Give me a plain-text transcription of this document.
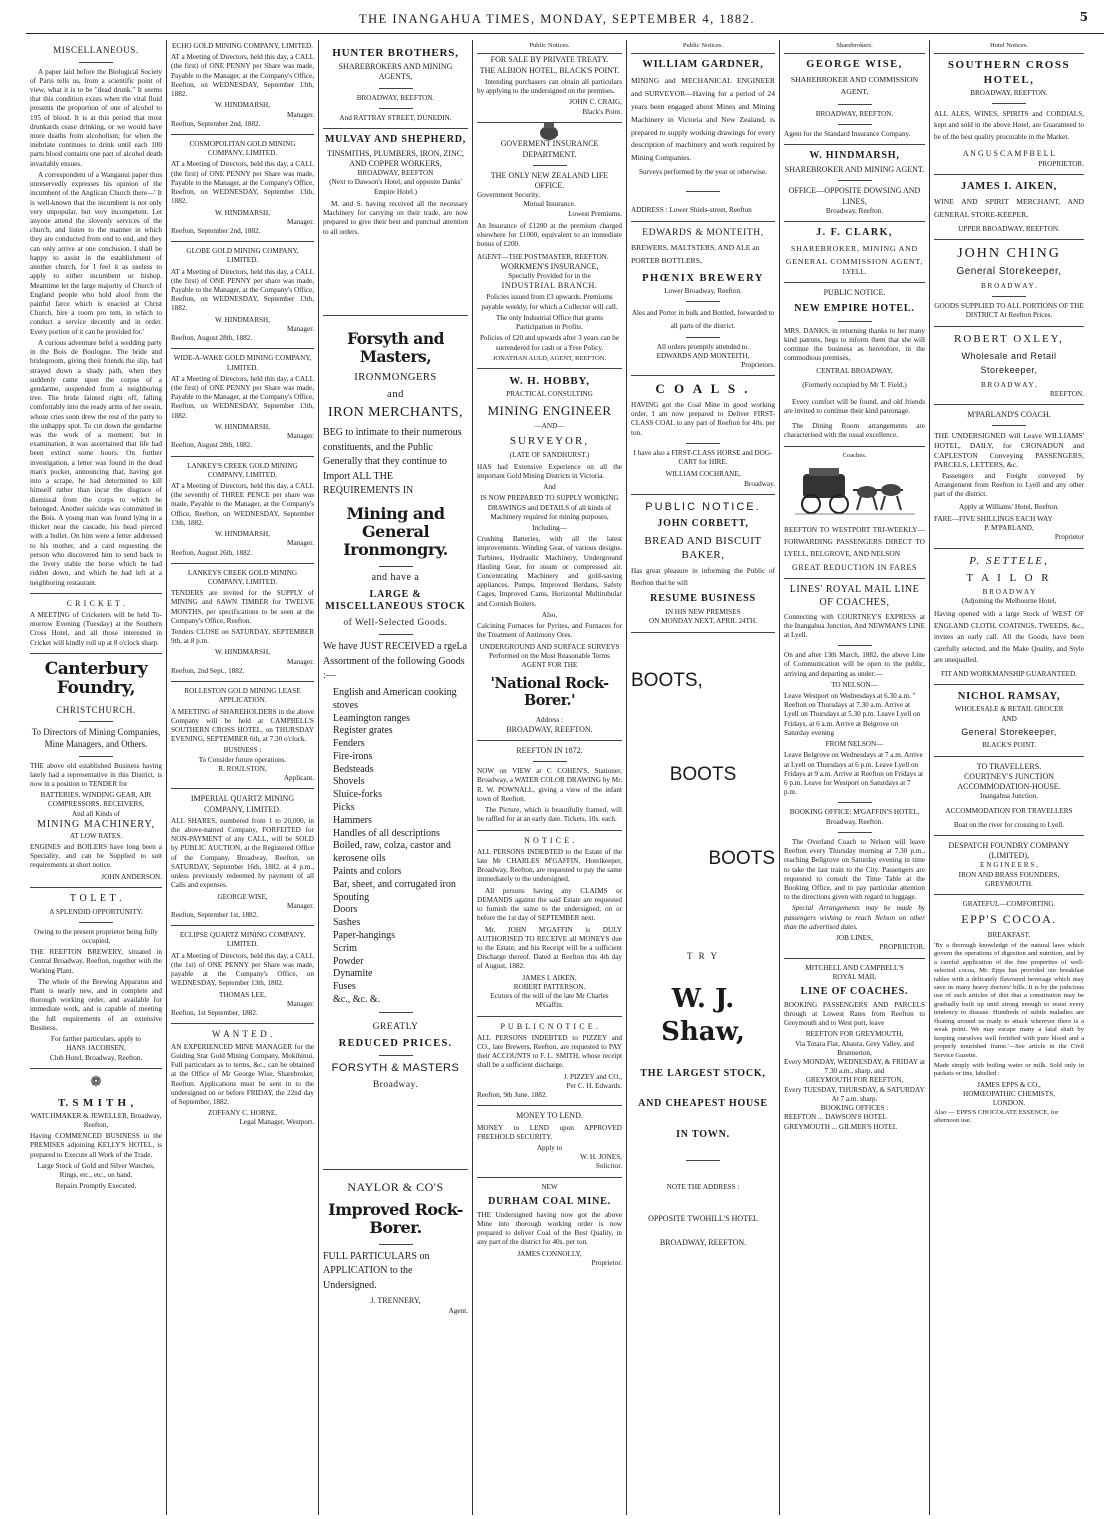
THE INANGAHUA TIMES, MONDAY, SEPTEMBER 4, 1882.	5
MISCELLANEOUS.

A paper laid before the Biological Society of Paris tells us, from a scientific point of view, what it is to be "dead drunk." It seems that this condition exists when the vital fluid presents the proportion of one of alcohol to 195 of blood. It is at this period that most drunkards cease drinking, or we would have more deaths from alcoholism; for when the inebriate continues to drink until each 100 parts blood contains one part of alcohol death invariably ensues.

A correspondent of a Wanganui paper thus unreservedly expresses his opinion of the incumbent of the Anglican Church there—' It is well-known that the incumbent is not only very unpopular, but very incompetent. Let anyone attend the slovenly services of the church, and listen to the manner in which they are conducted from end to end, and they can only arrive at one conclusion. I shall be happy to assist in the establishment of another church, for I feel it as useless to apply to either incumbent or bishop. Meantime let the large majority of Church of England people who hold aloof from the painful farce which is enacted at Christ Church, hire a room pro tem, in which to conduct a service decently and in order. Every portion of it can be provided for.'

A curious adventure befel a wedding party in the Bois de Boulogne. The bride and bridegroom, giving their friends the slip, had strayed down a shady path, when they suddenly came upon the corpse of a gendarme, suspended from a neighboring tree. The bride fainted right off, falling comfortably into the ready arms of her swain, whose cries soon drew the rest of the party to the unhappy spot. To cut down the gendarme was the work of a moment; but in examination, it was ascertained that life had been extinct some hours. On further investigation, a letter was found in the dead man's pocket, announcing that, having got into a scrape, he had determined to kill himself rather than incur the disgrace of dismissal from the corps to which he belonged. Another suicide was committed in the Bois. A young man was found lying in a thicket near the cascade, his head pierced with a bullet. On him were a letter addressed to his mother, and a card requesting the person who discovered him to send back to the livery stable the horse which he had ridden down, and which he had left at a neighboring restaurant.

C R I C K E T .

A MEETING of Cricketers will be held To-morrow Evening (Tuesday) at the Southern Cross Hotel, and all those interested in Cricket will kindly roll up at 8 o'clock sharp.

Canterbury Foundry,
CHRISTCHURCH.
To Directors of Mining Companies, Mine Managers, and Others.

THE above old established Business having lately had a representative in this District, is now in a position to TENDER for

BATTERIES, WINDING GEAR, AIR COMPRESSORS, RECEIVERS,
And all Kinds of
MINING MACHINERY,
AT LOW RATES.

ENGINES and BOILERS have long been a Speciality, and can be Supplied to suit requirements at short notice.

JOHN ANDERSON.
T O L E T .
A SPLENDID OPPORTUNITY.

Owing to the present proprietor being fully occupied,

THE REEFTON BREWERY, situated in Central Broadway, Reefton, together with the Working Plant.

The whole of the Brewing Apparatus and Plant is nearly new, and in complete and thorough working order, and available for immediate work, and is capable of meeting the full requirements of an extensive Business.

For farther particulars, apply to
HANS JACOBSEN,
Club Hotel, Broadway, Reefton.
❁
T. S M I T H ,
WATCHMAKER & JEWELLER, Broadway, Reefton,

Having COMMENCED BUSINESS in the PREMISES adjoining KELLY'S HOTEL, is prepared to Execute all Work of the Trade.

Large Stock of Gold and Silver Watches, Rings, etc., etc., on hand.

Repairs Promptly Executed.
ECHO GOLD MINING COMPANY, LIMITED.

AT a Meeting of Directors, held this day, a CALL (the first) of ONE PENNY per Share was made, Payable to the Manager, at the Company's Office, Reefton, on WEDNESDAY, September 13th, 1882.

W. HINDMARSH,
Manager.
Reefton, September 2nd, 1882.
COSMOPOLITAN GOLD MINING COMPANY, LIMITED.

AT a Meeting of Directors, held this day, a CALL (the first) of ONE PENNY per Share was made, Payable to the Manager, at the Company's Office, Reefton, on WEDNESDAY, September 13th, 1882.

W. HINDMARSH,
Manager.
Reefton, September 2nd, 1882.
GLOBE GOLD MINING COMPANY, LIMITED.

AT a Meeting of Directors, held this day, a CALL (the first) of ONE PENNY per share was made, Payable to the Manager, at the Company's Office, Reefton, on WEDNESDAY, September 13th, 1882.

W. HINDMARSH,
Manager.
Reefton, August 28th, 1882.
WIDE-A-WAKE GOLD MINING COMPANY, LIMITED.

AT a Meeting of Directors, held this day, a CALL (the first) of ONE PENNY per Share was made, Payable to the Manager, at the Company's Office, Reefton, on WEDNESDAY, September 13th, 1882.

W. HINDMARSH,
Manager.
Reefton, August 28th, 1882.
LANKEY'S CREEK GOLD MINING COMPANY, LIMITED.

AT a Meeting of Directors, held this day, a CALL (the seventh) of THREE PENCE per share was made, Payable to the Manager, at the Company's Office, Reefton, on WEDNESDAY, September 13th, 1882.

W. HINDMARSH,
Manager.
Reefton, August 26th, 1882.
LANKEYS CREEK GOLD MINING COMPANY, LIMITED.

TENDERS are invited for the SUPPLY of MINING and SAWN TIMBER for TWELVE MONTHS, per specifications to be seen at the Company's Office, Reefton.

Tenders CLOSE on SATURDAY, SEPTEMBER 9th, at 8 p.m.

W. HINDMARSH,
Manager.
Reefton, 2nd Sept., 1882.
ROLLESTON GOLD MINING LEASE APPLICATION.

A MEETING of SHAREHOLDERS in the above Company will be held at CAMPBELL'S SOUTHERN CROSS HOTEL, on THURSDAY EVENING, SEPTEMBER 6th, at 7.30 o'clock.

BUSINESS :
To Consider future operations.
R. ROULSTON,
Applicant.
IMPERIAL QUARTZ MINING COMPANY, LIMITED.

ALL SHARES, numbered from 1 to 20,000, in the above-named Company, FORFEITED for NON-PAYMENT of any CALL, will be SOLD by PUBLIC AUCTION, at the Registered Office of the Company, Broadway, Reefton, on SATURDAY, September 16th, 1882, at 4 p.m., unless previously redeemed by payment of all Calls and expenses.

GEORGE WISE,
Manager.
Reefton, September 1st, 1882.
ECLIPSE QUARTZ MINING COMPANY, LIMITED.

AT a Meeting of Directors, held this day, a CALL (the 1st) of ONE PENNY per Share was made, payable at the Company's Office, on WEDNESDAY, September 13th, 1882.

THOMAS LEE,
Manager.
Reefton, 1st September, 1882.
W A N T E D .

AN EXPERIENCED MINE MANAGER for the Guiding Star Gold Mining Company, Mokihinui. Full particulars as to terms, &c., can be obtained at the Office of Mr George Wise, Sharebroker, Reefton. Applications must be sent in to the undersigned on or before FRIDAY, the 22nd day of September, 1882.

ZOFFANY C. HORNE,
Legal Manager, Westport.
HUNTER BROTHERS,
SHAREBROKERS AND MINING AGENTS,
BROADWAY, REEFTON.
And RATTRAY STREET, DUNEDIN.
MULVAY AND SHEPHERD,
TINSMITHS, PLUMBERS, IRON, ZINC, AND COPPER WORKERS,
BROADWAY, REEFTON
(Next to Dawson's Hotel, and opposite Danks' Empire Hotel.)

M. and S. having received all the necessary Machinery for carrying on their trade, are now prepared to give their best and punctual attention to all orders.

Forsyth and Masters,
IRONMONGERS
and
IRON MERCHANTS,

BEG to intimate to their numerous constituents, and the Public Generally that they continue to Import ALL THE REQUIREMENTS IN

Mining and General Ironmongry.
and have a
LARGE & MISCELLANEOUS STOCK
of Well-Selected Goods.

We have JUST RECEIVED a rgeLa Assortment of the following Goods :—

English and American cooking stoves
Leamington ranges
Register grates
Fenders
Fire-irons
Bedsteads
Shovels
Sluice-forks
Picks
Hammers
Handles of all descriptions
Boiled, raw, colza, castor and kerosene oils
Paints and colors
Bar, sheet, and corrugated iron
Spouting
Doors
Sashes
Paper-hangings
Scrim
Powder
Dynamite
Fuses
&c., &c. &.
GREATLY
REDUCED PRICES.
FORSYTH & MASTERS
Broadway.
NAYLOR & CO'S
Improved Rock-Borer.

FULL PARTICULARS on APPLICATION to the Undersigned.

J. TRENNERY,
Agent.
Public Notices.
FOR SALE BY PRIVATE TREATY.
THE ALBION HOTEL, BLACK'S POINT.

Intending purchasers can obtain all particulars by applying to the undersigned on the premises.

JOHN C. CRAIG,
Black's Point.
GOVERMENT INSURANCE DEPARTMENT.
THE ONLY NEW ZEALAND LIFE OFFICE.
Government Security.
Mutual Insurance.
Lowest Premiums.

An Insurance of £1200 at the premium charged elsewhere for £1000, equivalent to an immediate bonus of £200.

AGENT—THE POSTMASTER, REEFTON.
WORKMEN'S INSURANCE,
Specially Provided for in the
INDUSTRIAL BRANCH.

Policies issued from £3 upwards. Premiums payable weekly, for which a Collector will call.

The only Industrial Office that grants Participation in Profits.

Policies of £20 and upwards after 3 years can be surrendered for cash or a Free Policy.

JONATHAN AULD, AGENT, REEFTON.
W. H. HOBBY,
PRACTICAL CONSULTING
MINING ENGINEER
—AND—
SURVEYOR,
(LATE OF SANDHURST.)

HAS had Extensive Experience on all the important Gold Mining Districts in Victoria.

And

IS NOW PREPARED TO SUPPLY WORKING DRAWINGS and DETAILS of all kinds of Machinery required for mining purposes,

Including—

Crushing Batteries, with all the latest improvements. Winding Gear, of various designs. Turbines, Hydraulic Machinery, Underground Hauling Gear, for steam or compressed air. Concentrating Machinery and gold-saving appliances. Pumps, Improved Berdans, Safety Cages, Improved Cams, Horizontal Multitubular and Cornish Boilers.

Also,

Calcining Furnaces for Pyrites, and Furnaces for the Treatment of Antimony Ores.

UNDERGROUND AND SURFACE SURVEYS
Performed on the Most Reasonable Terms
AGENT FOR THE
'National Rock-Borer.'
Address :
BROADWAY, REEFTON.
REEFTON IN 1872.

NOW on VIEW at C COHEN'S, Stationer, Broadway, a WATER COLOR DRAWING by Mr. R. W. POWNALL, giving a view of the infant town of Reefton.

The Picture, which is beautifully framed, will be raffled for at an early date. Tickets, 10s. each.

N O T I C E .

ALL PERSONS INDEBTED to the Estate of the late Mr CHARLES M'GAFFIN, Hotelkeeper, Broadway, Reefton, are requested to pay the same immediately to the undersigned.

All persons having any CLAIMS or DEMANDS against the said Estate are requested to furnish the same to the undersigned, on or before the 1st day of SEPTEMBER next.

Mr. JOHN M'GAFFIN is DULY AUTHORISED TO RECEIVE all MONEYS due to the Estate, and his Receipt will be a sufficient Discharge thereof. Dated at Reefton this 4th day of August, 1882.

JAMES I. AIKEN,
ROBERT PATTERSON.
Ecutors of the will of the late Mr Charles M'Gaffin.
P U B L I C N O T I C E .

ALL PERSONS INDEBTED to PIZZEY and CO., late Brewers, Reefton, are requested to PAY their ACCOUNTS to F. L. SMITH, whose receipt shall be a sufficient discharge.

J. PIZZEY and CO.,
Per C. H. Edwards.
Reefton, 9th June. 1882.
MONEY TO LEND.

MONEY to LEND upon APPROVED FREEHOLD SECURITY.

Apply to
W. H. JONES,
Solicitor.
NEW
DURHAM COAL MINE.

THE Undersigned having now got the above Mine into thorough working order is now prepared to deliver Coal of the Best Quality, in any part of the district for 40s. per ton.

JAMES CONNOLLY,
Proprietor.
Public Notices.
WILLIAM GARDNER,

MINING and MECHANICAL ENGINEER and SURVEYOR—Having for a period of 24 years been engaged about Mines and Mining Machinery in Victoria and New Zealand, is prepared to supply working drawings for every description of machinery and work required by Mining Companies.

Surveys performed by the year or otherwise.

ADDRESS : Lower Shiels-street, Reefton
EDWARDS & MONTEITH,

BREWERS, MALTSTERS, AND ALE an PORTER BOTTLERS,

PHŒNIX BREWERY
Lower Broadway, Reefton.

Ales and Porter in bulk and Bottled, forwarded to all parts of the district.

All orders promptly attended to.
EDWARDS AND MONTEITH,
Proprietors.
C O A L S .

HAVING got the Coal Mine in good working order, I am now prepared to Deliver FIRST-CLASS COAL to any part of Reefton for 40s. per ton.

I have also a FIRST-CLASS HORSE and DOG-CART for HIRE.

WILLIAM COCHRANE,
Broadway.
PUBLIC NOTICE.
JOHN CORBETT,
BREAD AND BISCUIT BAKER,

Has great pleasure in informing the Public of Reefton that he will

RESUME BUSINESS
IN HIS NEW PREMISES
ON MONDAY NEXT, APRIL 24TH.
BOOTS,
BOOTS
BOOTS
T R Y
W. J. Shaw,
THE LARGEST STOCK,
AND CHEAPEST HOUSE
IN TOWN.
NOTE THE ADDRESS :
OPPOSITE TWOHILL'S HOTEL
BROADWAY, REEFTON.
Sharebrokers.
GEORGE WISE,
SHAREBROKER AND COMMISSION AGENT,
BROADWAY, REEFTON.

Agent for the Standard Insurance Company.

W. HINDMARSH,
SHAREBROKER AND MINING AGENT.
OFFICE—OPPOSITE DOWSING AND LINES,
Broadway, Reefton.
J. F. CLARK,
SHAREBROKER, MINING AND GENERAL COMMISSION AGENT,
LYELL.
PUBLIC NOTICE.
NEW EMPIRE HOTEL.

MRS. DANKS, in returning thanks to her many kind patrons, begs to inform them that she will continue the business as heretofore, in the commodious premises,

CENTRAL BROADWAY,
(Formerly occupied by Mr T. Field.)

Every comfort will be found, and old friends are invited to continue their kind patronage.

The Dining Room arrangements are characterised with the usual excellence.

Coaches.

REEFTON TO WESTPORT TRI-WEEKLY—FORWARDING PASSENGERS DIRECT TO LYELL, BELGROVE, AND NELSON

GREAT REDUCTION IN FARES
LINES' ROYAL MAIL LINE OF COACHES,

Connecting with COURTNEY'S EXPRESS at the Inangahua Junction, And NEWMAN'S LINE at Lyell.

On and after 13th March, 1882, the above Line of Communication will be open to the public, arriving and departing as under:—

TO NELSON—

Leave Westport on Wednesdays at 6.30 a.m. " Reefton on Thursdays at 7.30 a.m. Arrive at Lyell on Thursdays at 5.30 p.m. Leave Lyell on Fridays, at 6 a.m. Arrive at Belgrove on Saturday evening

FROM NELSON—

Leave Belgrove on Wednesdays at 7 a.m. Arrive at Lyell on Thursdays at 6 p.m. Leave Lyell on Fridays at 9 a.m. Arrive at Reefton on Fridays at 6 p.m. Leave for Westport on Saturdays at 7 p.m.

BOOKING OFFICE: M'GAFFIN'S HOTEL, Broadway, Reefton.

The Overland Coach to Nelson will leave Reefton every Thursday morning at 7.30 p.m., reaching Bellgrove on Saturday evening in time to take the last train to the City. Passengers are requested to consult the Time Table at the Booking Office, and to pay particular attention to the directions given with regard to luggage.

Special Arrangements may be made by passengers wishing to reach Nelson on other than the advertised dates.

JOB LINES,
PROPRIETOR.
MITCHELL AND CAMPBELL'S
ROYAL MAIL
LINE OF COACHES.

BOOKING PASSENGERS AND PARCELS through at Lowest Rates from Reefton to Greymouth and to West port, leave

REEFTON FOR GREYMOUTH,
Via Totara Flat, Ahaura, Grey Valley, and Brunnerton,
Every MONDAY, WEDNESDAY, & FRIDAY at 7.30 a.m., sharp, and
GREYMOUTH FOR REEFTON,
Every TUESDAY, THURSDAY, & SATURDAY At 7 a.m. sharp.
BOOKING OFFICES :
REEFTON ... DAWSON'S HOTEL
GREYMOUTH ... GILMER'S HOTEL
Hotel Notices.
SOUTHERN CROSS HOTEL,
BROADWAY, REEFTON.

ALL ALES, WINES, SPIRITS and CORDIALS, kept and sold in the above Hotel, are Guaranteed to be of the best quality procurable in the Market.

A N G U S C A M P B E L L
PROPRIETOR.
JAMES I. AIKEN,

WINE AND SPIRIT MERCHANT, AND GENERAL STORE-KEEPER,

UPPER BROADWAY, REEFTON.
JOHN CHING
General Storekeeper,
B R O A D W A Y .
GOODS SUPPLIED TO ALL PORTIONS OF THE DISTRICT At Reefton Prices.
ROBERT OXLEY,
Wholesale and Retail Storekeeper,
B R O A D W A Y ,
REEFTON.
M'PARLAND'S COACH.

THE UNDERSIGNED will Leave WILLIAMS' HOTEL, DAILY, for CRONADUN and CAPLESTON Conveying PASSENGERS, PARCELS, LETTERS, &c.

Passengers and Freight conveyed by Arrangement from Reefton to Lyell and any other part of the district.

Apply at Williams' Hotel, Reefton.
FARE—FIVE SHILLINGS EACH WAY
P. M'PARLAND,
Proprietor
P. SETTELE,
T A I L O R
B R O A D W A Y
(Adjoining the Melbourne Hotel,

Having opened with a large Stock of WEST OF ENGLAND CLOTH, COATINGS, TWEEDS, &c., invites an early call. All the Goods, have been carefully selected, and the Make Quality, and Style are unequalled.

FIT AND WORKMANSHIP GUARANTEED.
NICHOL RAMSAY,
WHOLESALE & RETAIL GROCER
AND
General Storekeeper,
BLACK'S POINT.
TO TRAVELLERS.
COURTNEY'S JUNCTION ACCOMMODATION-HOUSE.
Inangahua Junction.
ACCOMMODATION FOR TRAVELLERS
Boat on the river for crossing to Lyell.
DESPATCH FOUNDRY COMPANY (LIMITED),
E N G I N E E R S ,
IRON AND BRASS FOUNDERS,
GREYMOUTH.
GRATEFUL—COMFORTING.
EPP'S COCOA.
BREAKFAST.

'By a thorough knowledge of the natural laws which govern the operations of digestion and nutrition, and by a careful application of the fine properties of well-selected cocoa, Mr. Epps has provided our breakfast tables with a delicately flavoured beverage which may save us many heavy doctors' bills. It is by the judicious use of such articles of diet that a constitution may be gradually built up until strong enough to resist every tendency to disease. Hundreds of subtle maladies are floating around us ready to attack wherever there is a weak point. We may escape many a fatal shaft by keeping ourselves well fortified with pure blood and a properly nourished frame.'—See article in the Civil Service Gazette.

Made simply with boiling water or milk. Sold only in packets or tins, labelled :

JAMES EPPS & CO.,
HOMŒOPATHIC CHEMISTS,
LONDON.
Also — EPPS'S CHOCOLATE ESSENCE, for afternoon use.
